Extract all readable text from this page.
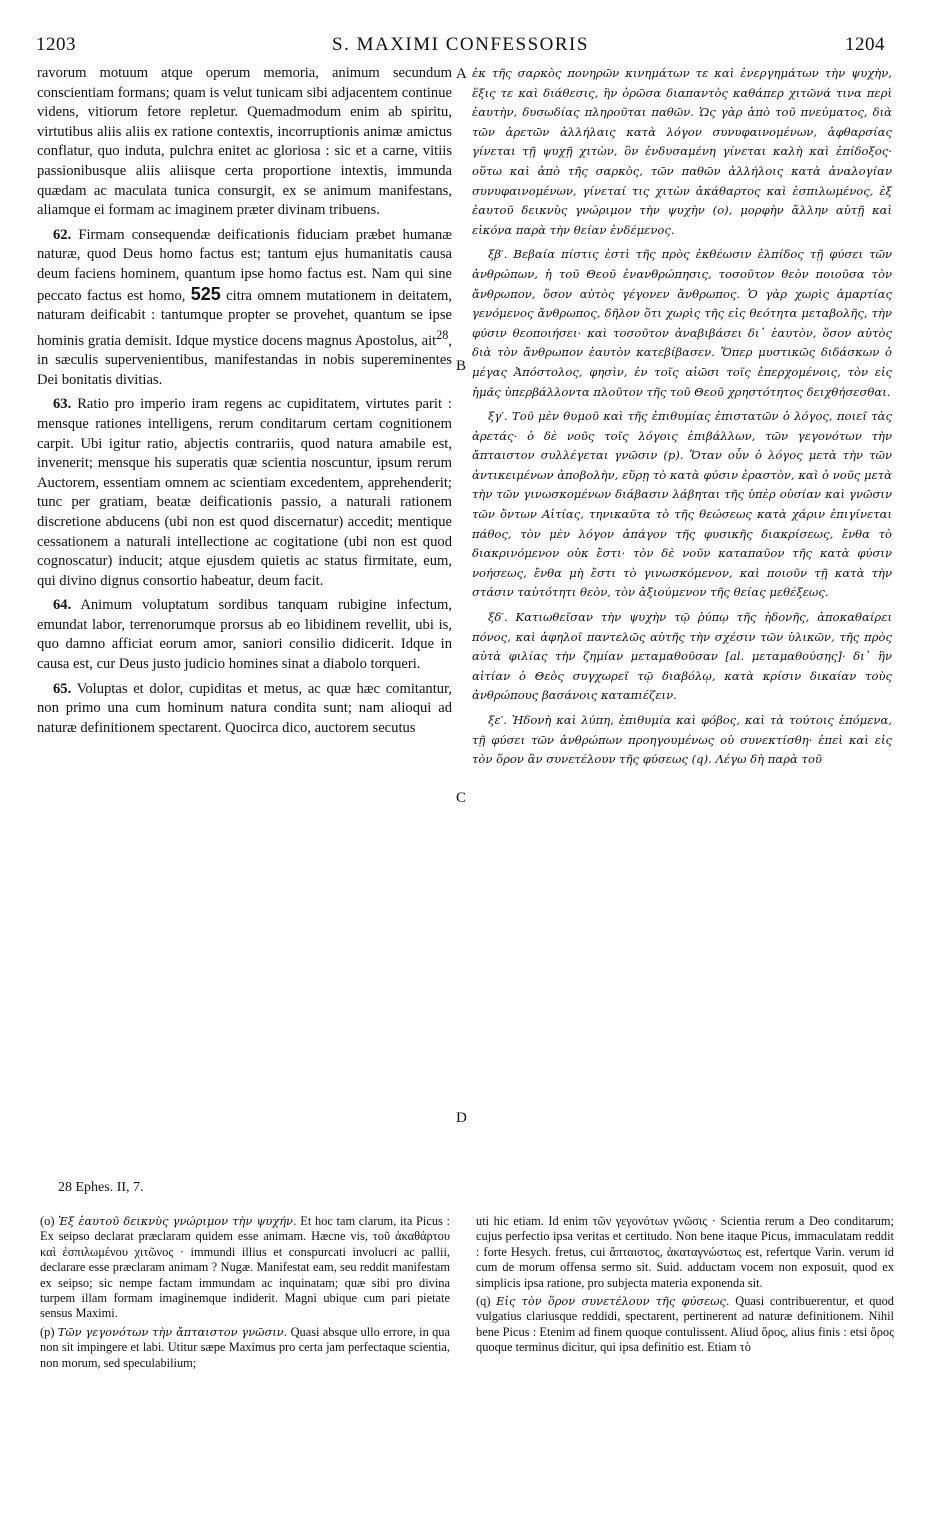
1203	S. MAXIMI CONFESSORIS	1204
A
B
C
D

ravorum motuum atque operum memoria, animum secundum conscientiam formans; quam is velut tunicam sibi adjacentem continue videns, vitiorum fetore repletur. Quemadmodum enim ab spiritu, virtutibus aliis aliis ex ratione contextis, incorruptionis animæ amictus conflatur, quo induta, pulchra enitet ac gloriosa : sic et a carne, vitiis passionibusque aliis aliisque certa proportione intextis, immunda quædam ac maculata tunica consurgit, ex se animum manifestans, aliamque ei formam ac imaginem præter divinam tribuens.

62. Firmam consequendæ deificationis fiduciam præbet humanæ naturæ, quod Deus homo factus est; tantum ejus humanitatis causa deum faciens hominem, quantum ipse homo factus est. Nam qui sine peccato factus est homo, 525 citra omnem mutationem in deitatem, naturam deificabit : tantumque propter se provehet, quantum se ipse hominis gratia demisit. Idque mystice docens magnus Apostolus, ait$^{28}$, in sæculis supervenientibus, manifestandas in nobis supereminentes Dei bonitatis divitias.

63. Ratio pro imperio iram regens ac cupiditatem, virtutes parit : mensque rationes intelligens, rerum conditarum certam cognitionem carpit. Ubi igitur ratio, abjectis contrariis, quod natura amabile est, invenerit; mensque his superatis quæ scientia noscuntur, ipsum rerum Auctorem, essentiam omnem ac scientiam excedentem, apprehenderit; tunc per gratiam, beatæ deificationis passio, a naturali rationem discretione abducens (ubi non est quod discernatur) accedit; mentique cessationem a naturali intellectione ac cogitatione (ubi non est quod cognoscatur) inducit; atque ejusdem quietis ac status firmitate, eum, qui divino dignus consortio habeatur, deum facit.

64. Animum voluptatum sordibus tanquam rubigine infectum, emundat labor, terrenorumque prorsus ab eo libidinem revellit, ubi is, quo damno afficiat eorum amor, saniori consilio didicerit. Idque in causa est, cur Deus justo judicio homines sinat a diabolo torqueri.

65. Voluptas et dolor, cupiditas et metus, ac quæ hæc comitantur, non primo una cum hominum natura condita sunt; nam alioqui ad naturæ definitionem spectarent. Quocirca dico, auctorem secutus

ἐκ τῆς σαρκὸς πονηρῶν κινημάτων τε καὶ ἐνεργημάτων τὴν ψυχὴν, ἕξις τε καὶ διάθεσις, ἣν ὁρῶσα διαπαντὸς καθάπερ χιτῶνά τινα περὶ ἑαυτὴν, δυσωδίας πληροῦται παθῶν. Ὡς γὰρ ἀπὸ τοῦ πνεύματος, διὰ τῶν ἀρετῶν ἀλλήλαις κατὰ λόγον συνυφαινομένων, ἀφθαρσίας γίνεται τῇ ψυχῇ χιτὼν, ὃν ἐνδυσαμένη γίνεται καλὴ καὶ ἐπίδοξος· οὕτω καὶ ἀπὸ τῆς σαρκὸς, τῶν παθῶν ἀλλήλοις κατὰ ἀναλογίαν συνυφαινομένων, γίνεταί τις χιτὼν ἀκάθαρτος καὶ ἐσπιλωμένος, ἐξ ἑαυτοῦ δεικνὺς γνώριμον τὴν ψυχὴν (o), μορφὴν ἄλλην αὐτῇ καὶ εἰκόνα παρὰ τὴν θείαν ἐνδέμενος.

ξβ′. Βεβαία πίστις ἐστὶ τῆς πρὸς ἐκθέωσιν ἐλπίδος τῇ φύσει τῶν ἀνθρώπων, ἡ τοῦ Θεοῦ ἐνανθρώπησις, τοσοῦτον θεὸν ποιοῦσα τὸν ἄνθρωπον, ὅσον αὐτὸς γέγονεν ἄνθρωπος. Ὁ γὰρ χωρὶς ἁμαρτίας γενόμενος ἄνθρωπος, δῆλον ὅτι χωρὶς τῆς εἰς θεότητα μεταβολῆς, τὴν φύσιν θεοποιήσει· καὶ τοσοῦτον ἀναβιβάσει δι᾽ ἑαυτὸν, ὅσον αὐτὸς διὰ τὸν ἄνθρωπον ἑαυτὸν κατεβίβασεν. Ὅπερ μυστικῶς διδάσκων ὁ μέγας Ἀπόστολος, φησὶν, ἐν τοῖς αἰῶσι τοῖς ἐπερχομένοις, τὸν εἰς ἡμᾶς ὑπερβάλλοντα πλοῦτον τῆς τοῦ Θεοῦ χρηστότητος δειχθήσεσθαι.

ξγ′. Τοῦ μὲν θυμοῦ καὶ τῆς ἐπιθυμίας ἐπιστατῶν ὁ λόγος, ποιεῖ τὰς ἀρετάς· ὁ δὲ νοῦς τοῖς λόγοις ἐπιβάλλων, τῶν γεγονότων τὴν ἄπταιστον συλλέγεται γνῶσιν (p). Ὅταν οὖν ὁ λόγος μετὰ τὴν τῶν ἀντικειμένων ἀποβολὴν, εὕρῃ τὸ κατὰ φύσιν ἐραστὸν, καὶ ὁ νοῦς μετὰ τὴν τῶν γινωσκομένων διάβασιν λάβηται τῆς ὑπὲρ οὐσίαν καὶ γνῶσιν τῶν ὄντων Αἰτίας, τηνικαῦτα τὸ τῆς θεώσεως κατὰ χάριν ἐπιγίνεται πάθος, τὸν μὲν λόγον ἀπάγον τῆς φυσικῆς διακρίσεως, ἔνθα τὸ διακρινόμενον οὐκ ἔστι· τὸν δὲ νοῦν καταπαῦον τῆς κατὰ φύσιν νοήσεως, ἔνθα μὴ ἔστι τὸ γινωσκόμενον, καὶ ποιοῦν τῇ κατὰ τὴν στάσιν ταὐτότητι θεὸν, τὸν ἀξιούμενον τῆς θείας μεθέξεως.

ξδ′. Κατιωθεῖσαν τὴν ψυχὴν τῷ ῥύπῳ τῆς ἡδονῆς, ἀποκαθαίρει πόνος, καὶ ἀφηλοῖ παντελῶς αὐτῆς τὴν σχέσιν τῶν ὑλικῶν, τῆς πρὸς αὐτὰ φιλίας τὴν ζημίαν μεταμαθοῦσαν [al. μεταμαθούσης]· δι᾽ ἣν αἰτίαν ὁ Θεὸς συγχωρεῖ τῷ διαβόλῳ, κατὰ κρίσιν δικαίαν τοὺς ἀνθρώπους βασάνοις καταπιέζειν.

ξε′. Ἡδονὴ καὶ λύπη, ἐπιθυμία καὶ φόβος, καὶ τὰ τούτοις ἑπόμενα, τῇ φύσει τῶν ἀνθρώπων προηγουμένως οὐ συνεκτίσθη· ἐπεὶ καὶ εἰς τὸν ὅρον ἂν συνετέλουν τῆς φύσεως (q). Λέγω δὴ παρὰ τοῦ

28 Ephes. II, 7.

(o) Ἐξ ἑαυτοῦ δεικνὺς γνώριμον τὴν ψυχήν. Et hoc tam clarum, ita Picus : Ex seipso declarat præclaram quidem esse animam. Hæcne vis, τοῦ ἀκαθάρτου καὶ ἐσπιλωμένου χιτῶνος · immundi illius et conspurcati involucri ac pallii, declarare esse præclaram animam ? Nugæ. Manifestat eam, seu reddit manifestam ex seipso; sic nempe factam immundam ac inquinatam; quæ sibi pro divina turpem illam formam imaginemque indiderit. Magni ubique cum pari pietate sensus Maximi.

(p) Τῶν γεγονότων τὴν ἄπταιστον γνῶσιν. Quasi absque ullo errore, in qua non sit impingere et labi. Utitur sæpe Maximus pro certa jam perfectaque scientia, non morum, sed speculabilium;

uti hic etiam. Id enim τῶν γεγονότων γνῶσις · Scientia rerum a Deo conditarum; cujus perfectio ipsa veritas et certitudo. Non bene itaque Picus, immaculatam reddit : forte Hesych. fretus, cui ἄπταιστος, ἀκαταγνώστως est, refertque Varin. verum id cum de morum offensa sermo sit. Suid. adductam vocem non exposuit, quod ex simplicis ipsa ratione, pro subjecta materia exponenda sit.

(q) Εἰς τὸν ὅρον συνετέλουν τῆς φύσεως. Quasi contribuerentur, et quod vulgatius clariusque reddidi, spectarent, pertinerent ad naturæ definitionem. Nihil bene Picus : Etenim ad finem quoque contulissent. Aliud ὅρος, alius finis : etsi ὅρος quoque terminus dicitur, qui ipsa definitio est. Etiam τὸ
